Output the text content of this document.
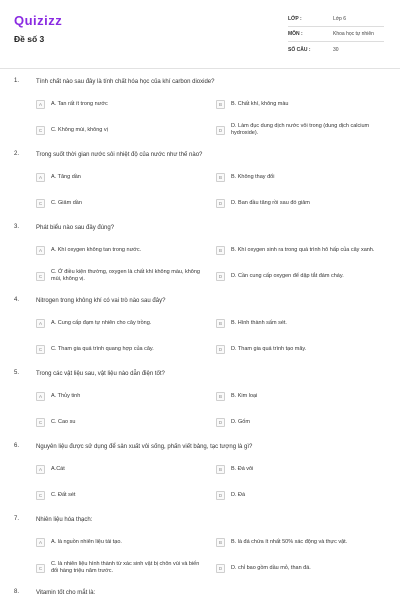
Quizizz
Đề số 3
LỚP :	Lớp 6
MÔN :	Khoa học tự nhiên
SỐ CÂU :	30
1.	Tính chất nào sau đây là tính chất hóa học của khí carbon dioxide?
A	A. Tan rất ít trong nước	B	B. Chất khí, không màu
C	C. Không mùi, không vị	D
D. Làm đục dung dịch nước vôi trong (dung dịch calcium hydroxide).
2.	Trong suốt thời gian nước sôi nhiệt độ của nước như thế nào?
A	A. Tăng dần	B	B. Không thay đổi
C	C. Giảm dần	D	D. Ban đầu tăng rồi sau đó giảm
3.	Phát biểu nào sau đây đúng?
A	A. Khí oxygen không tan trong nước.	B	B. Khí oxygen sinh ra trong quá trình hô hấp của cây xanh.
C
C. Ở điều kiện thường, oxygen là chất khí không màu, không mùi, không vị.	D	D. Cần cung cấp oxygen để dập tắt đám cháy.
4.	Nitrogen trong không khí có vai trò nào sau đây?
A	A. Cung cấp đạm tự nhiên cho cây trồng.	B	B. Hình thành sấm sét.
C	C. Tham gia quá trình quang hợp của cây.	D	D. Tham gia quá trình tạo mây.
5.	Trong các vật liệu sau, vật liệu nào dẫn điện tốt?
A	A. Thủy tinh	B	B. Kim loại
C	C. Cao su	D	D. Gốm
6.	Nguyên liệu được sử dụng để sản xuất vôi sống, phấn viết bảng, tạc tượng là gì?
A	A.Cát	B	B. Đá vôi
C	C. Đất sét	D	D. Đá
7.	Nhiên liệu hóa thạch:
A	A. là nguồn nhiên liệu tái tạo.	B	B. là đá chứa ít nhất 50% xác động và thực vật.
C
C. là nhiên liệu hình thành từ xác sinh vật bị chôn vùi và biến đổi hàng triệu năm trước.	D	D. chỉ bao gồm dầu mỏ, than đá.
8.	Vitamin tốt cho mắt là:
